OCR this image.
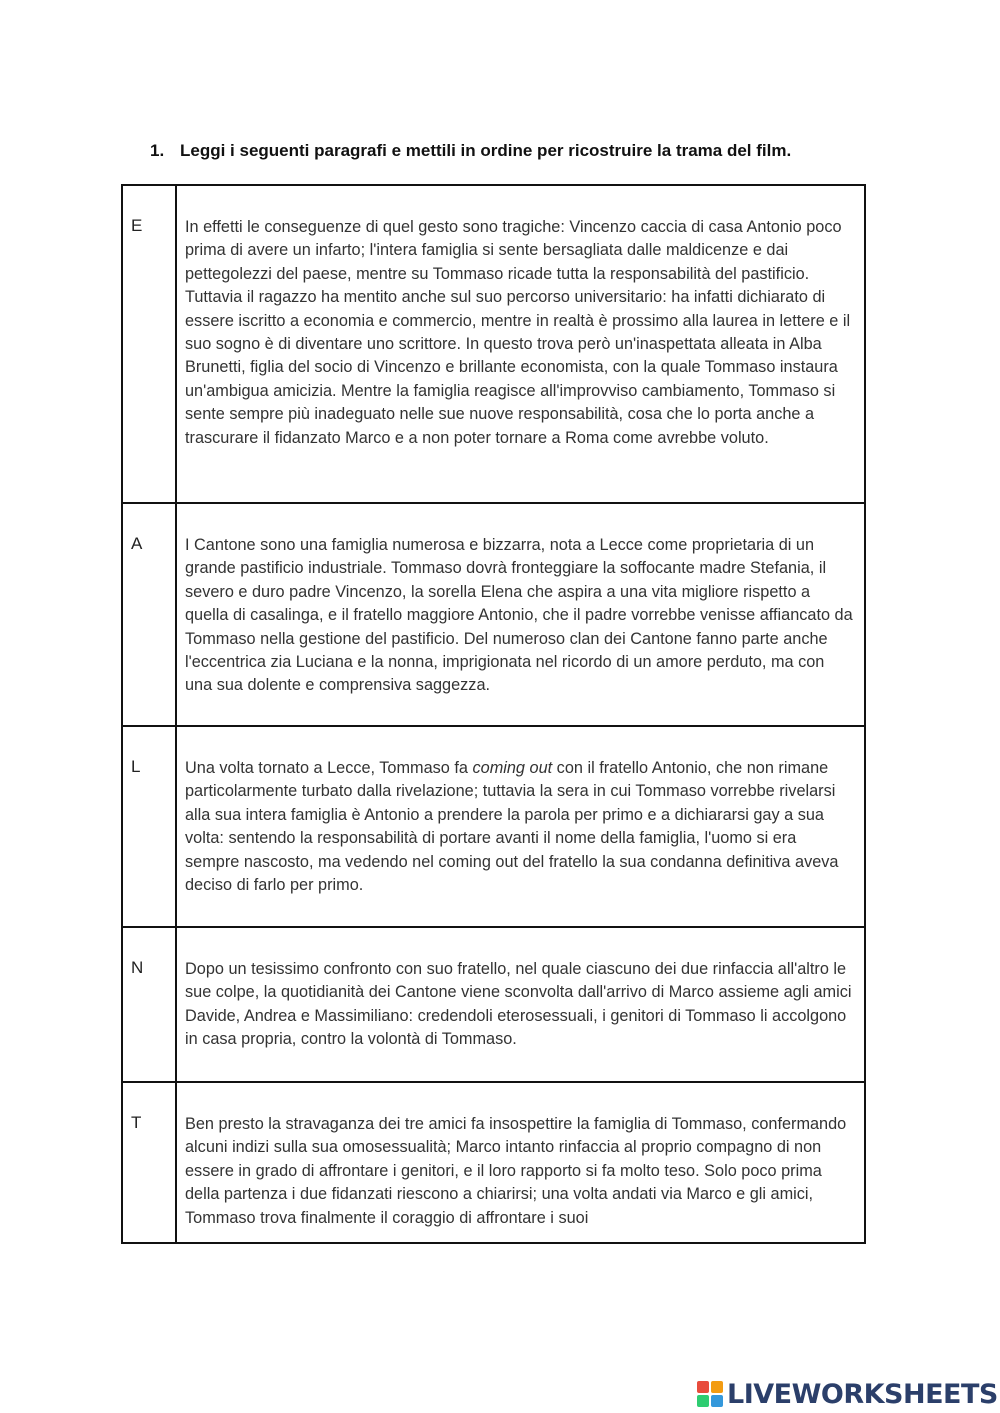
1. Leggi i seguenti paragrafi e mettili in ordine per ricostruire la trama del film.
E	In effetti le conseguenze di quel gesto sono tragiche: Vincenzo caccia di casa Antonio poco prima di avere un infarto; l'intera famiglia si sente bersagliata dalle maldicenze e dai pettegolezzi del paese, mentre su Tommaso ricade tutta la responsabilità del pastificio. Tuttavia il ragazzo ha mentito anche sul suo percorso universitario: ha infatti dichiarato di essere iscritto a economia e commercio, mentre in realtà è prossimo alla laurea in lettere e il suo sogno è di diventare uno scrittore. In questo trova però un'inaspettata alleata in Alba Brunetti, figlia del socio di Vincenzo e brillante economista, con la quale Tommaso instaura un'ambigua amicizia. Mentre la famiglia reagisce all'improvviso cambiamento, Tommaso si sente sempre più inadeguato nelle sue nuove responsabilità, cosa che lo porta anche a trascurare il fidanzato Marco e a non poter tornare a Roma come avrebbe voluto.
A	I Cantone sono una famiglia numerosa e bizzarra, nota a Lecce come proprietaria di un grande pastificio industriale. Tommaso dovrà fronteggiare la soffocante madre Stefania, il severo e duro padre Vincenzo, la sorella Elena che aspira a una vita migliore rispetto a quella di casalinga, e il fratello maggiore Antonio, che il padre vorrebbe venisse affiancato da Tommaso nella gestione del pastificio. Del numeroso clan dei Cantone fanno parte anche l'eccentrica zia Luciana e la nonna, imprigionata nel ricordo di un amore perduto, ma con una sua dolente e comprensiva saggezza.
L	Una volta tornato a Lecce, Tommaso fa coming out con il fratello Antonio, che non rimane particolarmente turbato dalla rivelazione; tuttavia la sera in cui Tommaso vorrebbe rivelarsi alla sua intera famiglia è Antonio a prendere la parola per primo e a dichiararsi gay a sua volta: sentendo la responsabilità di portare avanti il nome della famiglia, l'uomo si era sempre nascosto, ma vedendo nel coming out del fratello la sua condanna definitiva aveva deciso di farlo per primo.
N	Dopo un tesissimo confronto con suo fratello, nel quale ciascuno dei due rinfaccia all'altro le sue colpe, la quotidianità dei Cantone viene sconvolta dall'arrivo di Marco assieme agli amici Davide, Andrea e Massimiliano: credendoli eterosessuali, i genitori di Tommaso li accolgono in casa propria, contro la volontà di Tommaso.
T	Ben presto la stravaganza dei tre amici fa insospettire la famiglia di Tommaso, confermando alcuni indizi sulla sua omosessualità; Marco intanto rinfaccia al proprio compagno di non essere in grado di affrontare i genitori, e il loro rapporto si fa molto teso. Solo poco prima della partenza i due fidanzati riescono a chiarirsi; una volta andati via Marco e gli amici, Tommaso trova finalmente il coraggio di affrontare i suoi
LIVEWORKSHEETS
